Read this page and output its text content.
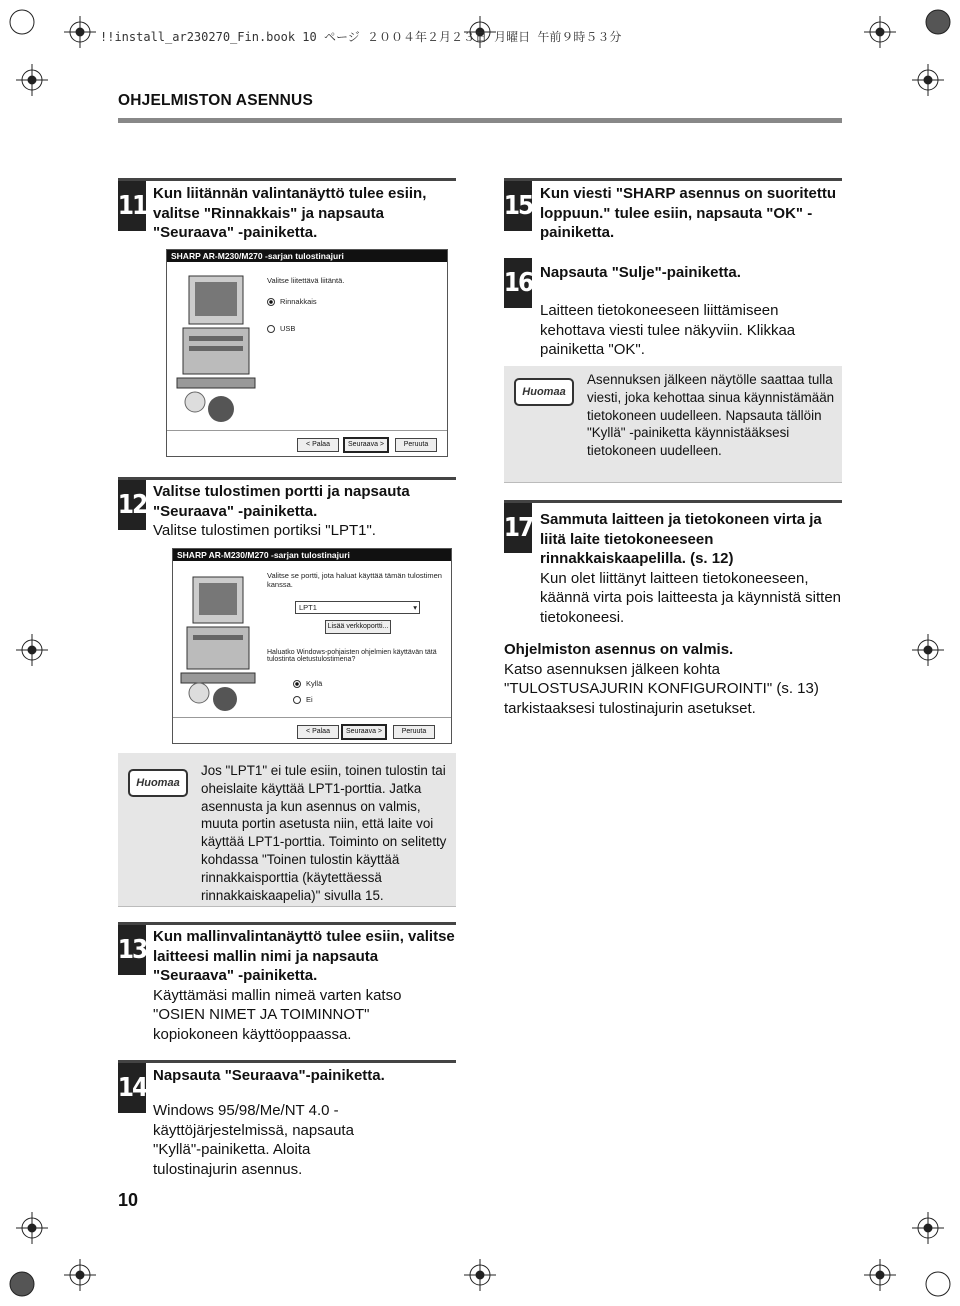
!!install_ar230270_Fin.book 10 ページ ２００４年２月２３日 月曜日 午前９時５３分
OHJELMISTON ASENNUS
11 Kun liitännän valintanäyttö tulee esiin, valitse "Rinnakkais" ja napsauta "Seuraava" -painiketta.
SHARP AR-M230/M270 -sarjan tulostinajuri
Valitse liitettävä liitäntä.
Rinnakkais
USB
< Palaa	Seuraava >	Peruuta
12 Valitse tulostimen portti ja napsauta "Seuraava" -painiketta.
Valitse tulostimen portiksi "LPT1".
SHARP AR-M230/M270 -sarjan tulostinajuri
Valitse se portti, jota haluat käyttää tämän tulostimen kanssa.
LPT1	▾
Lisää verkkoportti...
Haluatko Windows-pohjaisten ohjelmien käyttävän tätä tulostinta oletustulostimena?
Kyllä
Ei
< Palaa	Seuraava >	Peruuta
Huomaa
Jos "LPT1" ei tule esiin, toinen tulostin tai oheislaite käyttää LPT1-porttia. Jatka asennusta ja kun asennus on valmis, muuta portin asetusta niin, että laite voi käyttää LPT1-porttia. Toiminto on selitetty kohdassa "Toinen tulostin käyttää rinnakkaisporttia (käytettäessä rinnakkaiskaapelia)" sivulla 15.
13 Kun mallinvalintanäyttö tulee esiin, valitse laitteesi mallin nimi ja napsauta "Seuraava" -painiketta.
Käyttämäsi mallin nimeä varten katso "OSIEN NIMET JA TOIMINNOT" kopiokoneen käyttöoppaassa.
14 Napsauta "Seuraava"-painiketta.
Windows 95/98/Me/NT 4.0 -käyttöjärjestelmissä, napsauta "Kyllä"-painiketta. Aloita tulostinajurin asennus.
10
15 Kun viesti "SHARP asennus on suoritettu loppuun." tulee esiin, napsauta "OK" -painiketta.
16 Napsauta "Sulje"-painiketta.
Laitteen tietokoneeseen liittämiseen kehottava viesti tulee näkyviin. Klikkaa painiketta "OK".
Huomaa
Asennuksen jälkeen näytölle saattaa tulla viesti, joka kehottaa sinua käynnistämään tietokoneen uudelleen. Napsauta tällöin "Kyllä" -painiketta käynnistääksesi tietokoneen uudelleen.
17 Sammuta laitteen ja tietokoneen virta ja liitä laite tietokoneeseen rinnakkaiskaapelilla. (s. 12)
Kun olet liittänyt laitteen tietokoneeseen, käännä virta pois laitteesta ja käynnistä sitten tietokoneesi.
Ohjelmiston asennus on valmis.
Katso asennuksen jälkeen kohta "TULOSTUSAJURIN KONFIGUROINTI" (s. 13) tarkistaaksesi tulostinajurin asetukset.
